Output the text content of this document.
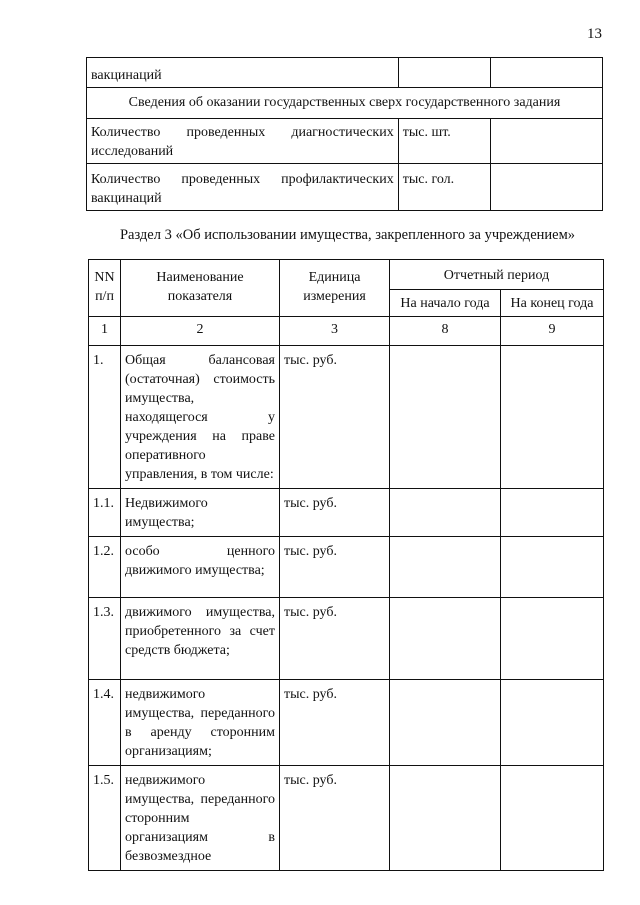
13
вакцинаций		
Сведения об оказании государственных сверх государственного задания		
Количество проведенных диагностических исследований	тыс. шт.	
Количество проведенных профилактических вакцинаций	тыс. гол.	
Раздел 3 «Об использовании имущества, закрепленного за учреждением»
NN п/п	Наименование показателя	Единица измерения	Отчетный период	
			На начало года	На конец года
1	2	3	8	9
1.	Общая балансовая (остаточная) стоимость имущества, находящегося у учреждения на праве оперативного управления, в том числе:	тыс. руб.		
1.1.	Недвижимого имущества;	тыс. руб.		
1.2.	особо ценного движимого имущества;	тыс. руб.		
1.3.	движимого имущества, приобретенного за счет средств бюджета;	тыс. руб.		
1.4.	недвижимого имущества, переданного в аренду сторонним организациям;	тыс. руб.		
1.5.	недвижимого имущества, переданного сторонним организациям в безвозмездное	тыс. руб.		
